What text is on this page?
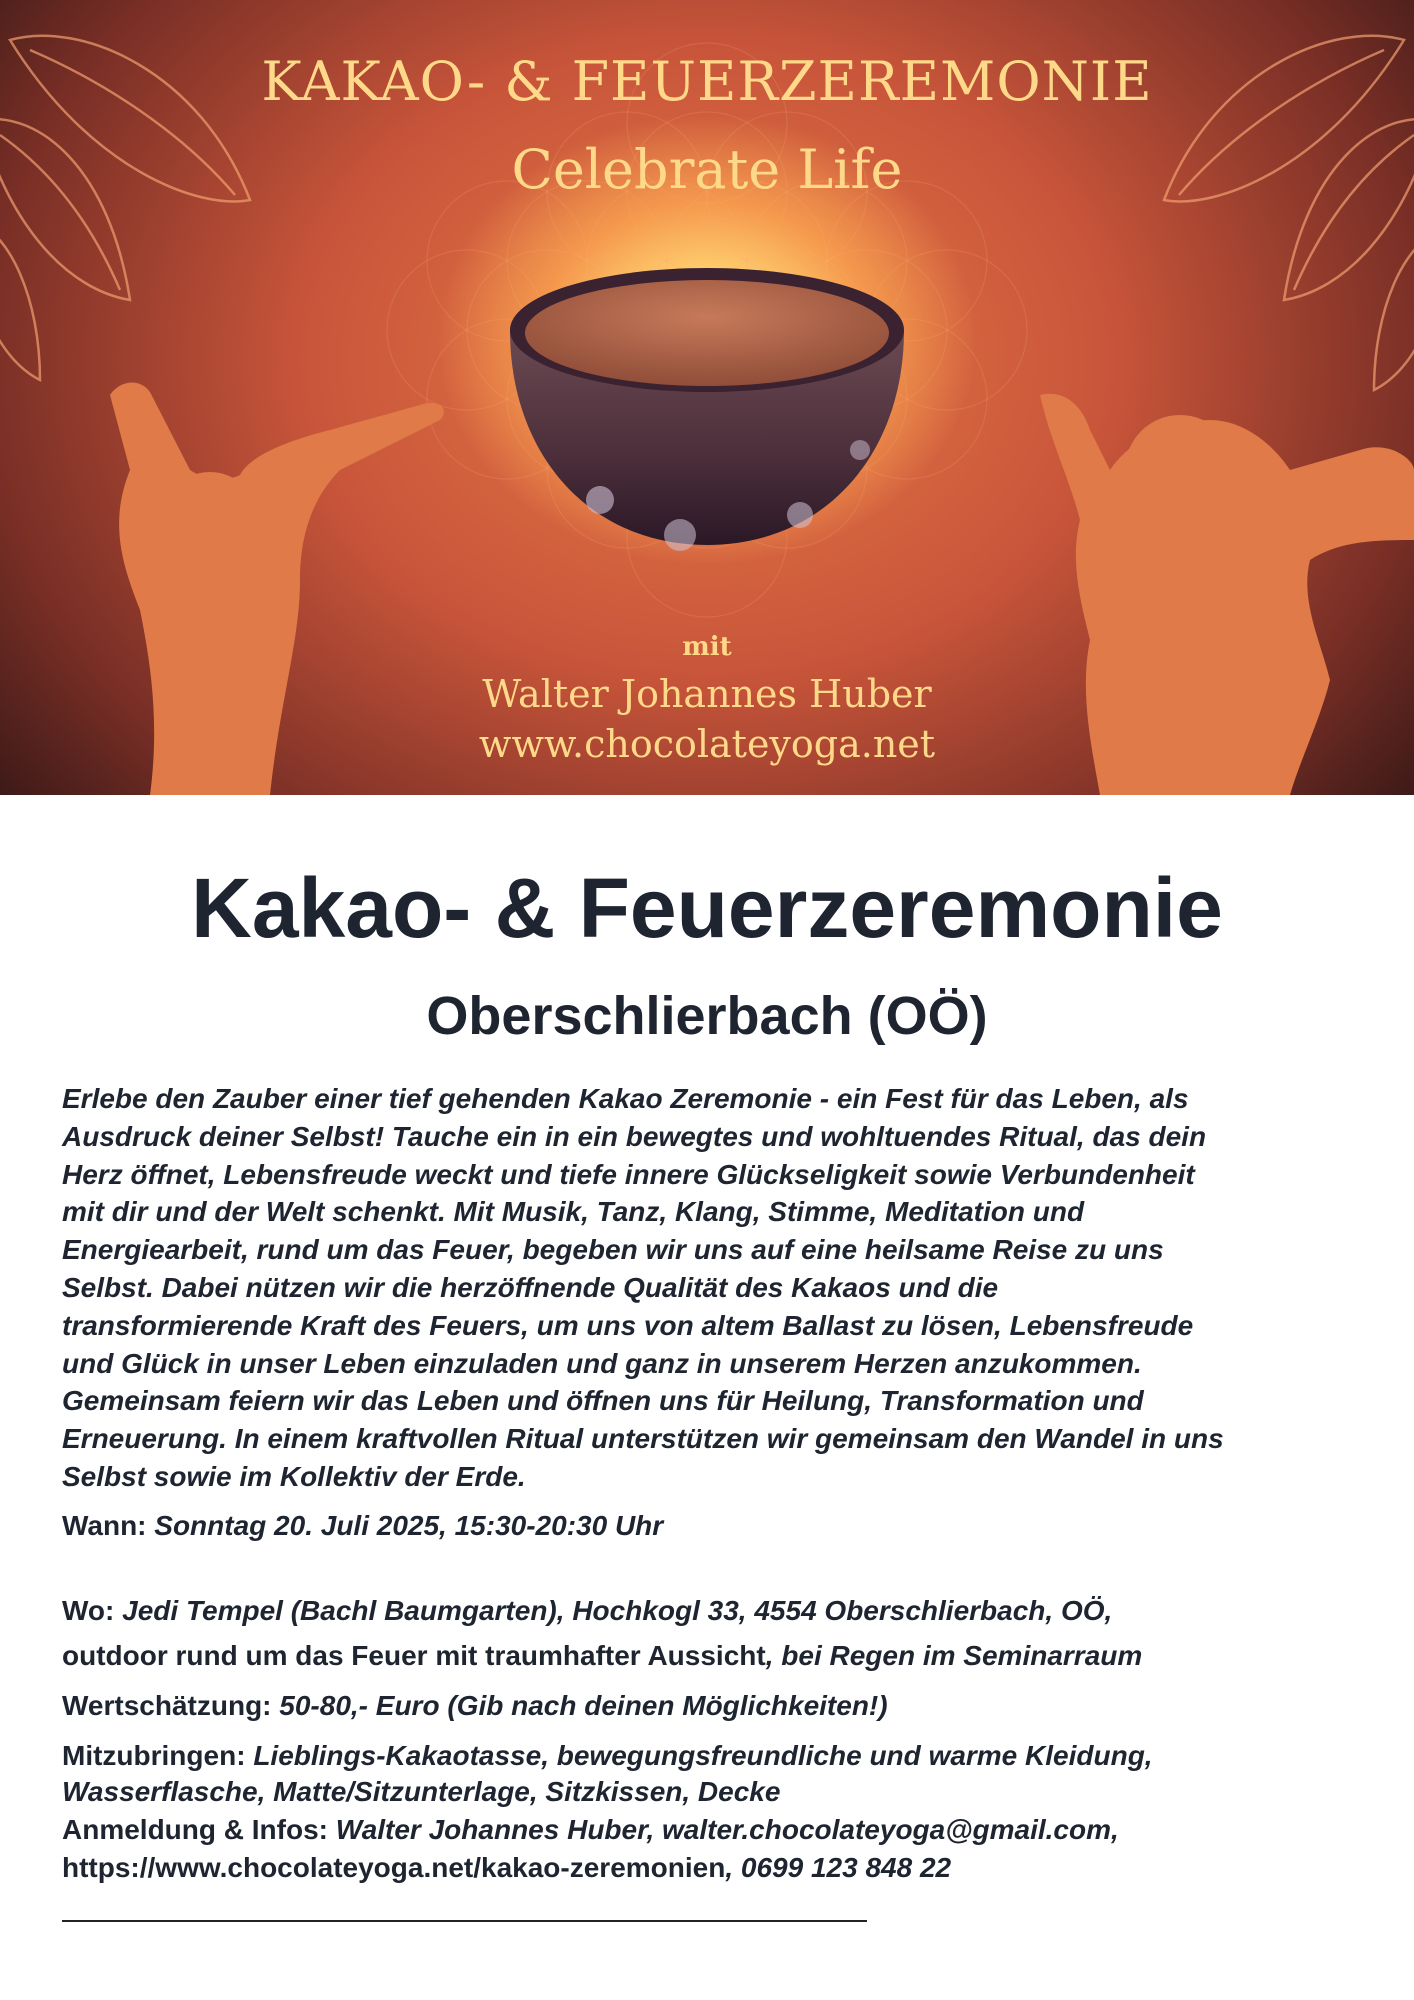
KAKAO- & FEUERZEREMONIE
Celebrate Life
mit
Walter Johannes Huber
www.chocolateyoga.net
Kakao- & Feuerzeremonie
Oberschlierbach (OÖ)
Erlebe den Zauber einer tief gehenden Kakao Zeremonie - ein Fest für das Leben, als
Ausdruck deiner Selbst! Tauche ein in ein bewegtes und wohltuendes Ritual, das dein
Herz öffnet, Lebensfreude weckt und tiefe innere Glückseligkeit sowie Verbundenheit
mit dir und der Welt schenkt. Mit Musik, Tanz, Klang, Stimme, Meditation und
Energiearbeit, rund um das Feuer, begeben wir uns auf eine heilsame Reise zu uns
Selbst. Dabei nützen wir die herzöffnende Qualität des Kakaos und die
transformierende Kraft des Feuers, um uns von altem Ballast zu lösen, Lebensfreude
und Glück in unser Leben einzuladen und ganz in unserem Herzen anzukommen.
Gemeinsam feiern wir das Leben und öffnen uns für Heilung, Transformation und
Erneuerung. In einem kraftvollen Ritual unterstützen wir gemeinsam den Wandel in uns
Selbst sowie im Kollektiv der Erde.
Wann: Sonntag 20. Juli 2025, 15:30-20:30 Uhr
Wo: Jedi Tempel (Bachl Baumgarten), Hochkogl 33, 4554 Oberschlierbach, OÖ,
outdoor rund um das Feuer mit traumhafter Aussicht, bei Regen im Seminarraum
Wertschätzung: 50-80,- Euro (Gib nach deinen Möglichkeiten!)
Mitzubringen: Lieblings-Kakaotasse, bewegungsfreundliche und warme Kleidung,
Wasserflasche, Matte/Sitzunterlage, Sitzkissen, Decke
Anmeldung & Infos: Walter Johannes Huber, walter.chocolateyoga@gmail.com,
https://www.chocolateyoga.net/kakao-zeremonien, 0699 123 848 22
